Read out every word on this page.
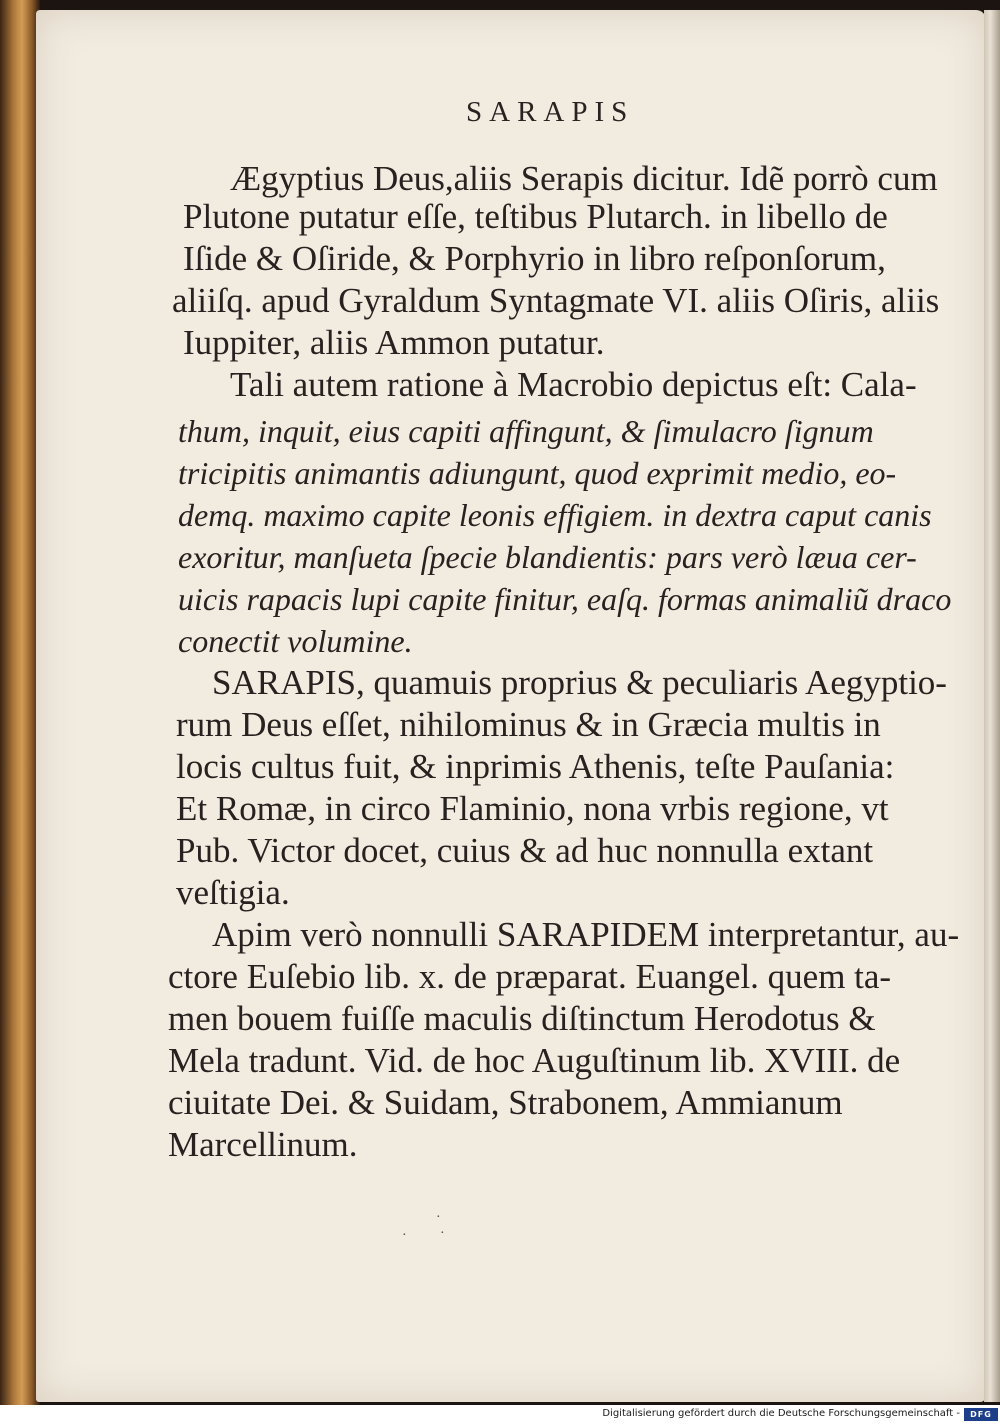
SARAPIS
Ægyptius Deus,aliis Serapis dicitur. Idẽ porrò cum
Plutone putatur eſſe, teſtibus Plutarch. in libello de
Iſide & Oſiride, & Porphyrio in libro reſponſorum,
aliiſq. apud Gyraldum Syntagmate VI. aliis Oſiris, aliis
Iuppiter, aliis Ammon putatur.
Tali autem ratione à Macrobio depictus eſt: Cala-
thum, inquit, eius capiti affingunt, & ſimulacro ſignum
tricipitis animantis adiungunt, quod exprimit medio, eo-
demq. maximo capite leonis effigiem. in dextra caput canis
exoritur, manſueta ſpecie blandientis: pars verò læua cer-
uicis rapacis lupi capite finitur, eaſq. formas animaliũ draco
conectit volumine.
SARAPIS, quamuis proprius & peculiaris Aegyptio-
rum Deus eſſet, nihilominus & in Græcia multis in
locis cultus fuit, & inprimis Athenis, teſte Pauſania:
Et Romæ, in circo Flaminio, nona vrbis regione, vt
Pub. Victor docet, cuius & ad huc nonnulla extant
veſtigia.
Apim verò nonnulli SARAPIDEM interpretantur, au-
ctore Euſebio lib. x. de præparat. Euangel. quem ta-
men bouem fuiſſe maculis diſtinctum Herodotus &
Mela tradunt. Vid. de hoc Auguſtinum lib. XVIII. de
ciuitate Dei. & Suidam, Strabonem, Ammianum
Marcellinum.
·
· ·
Digitalisierung gefördert durch die Deutsche Forschungsgemeinschaft -	DFG
